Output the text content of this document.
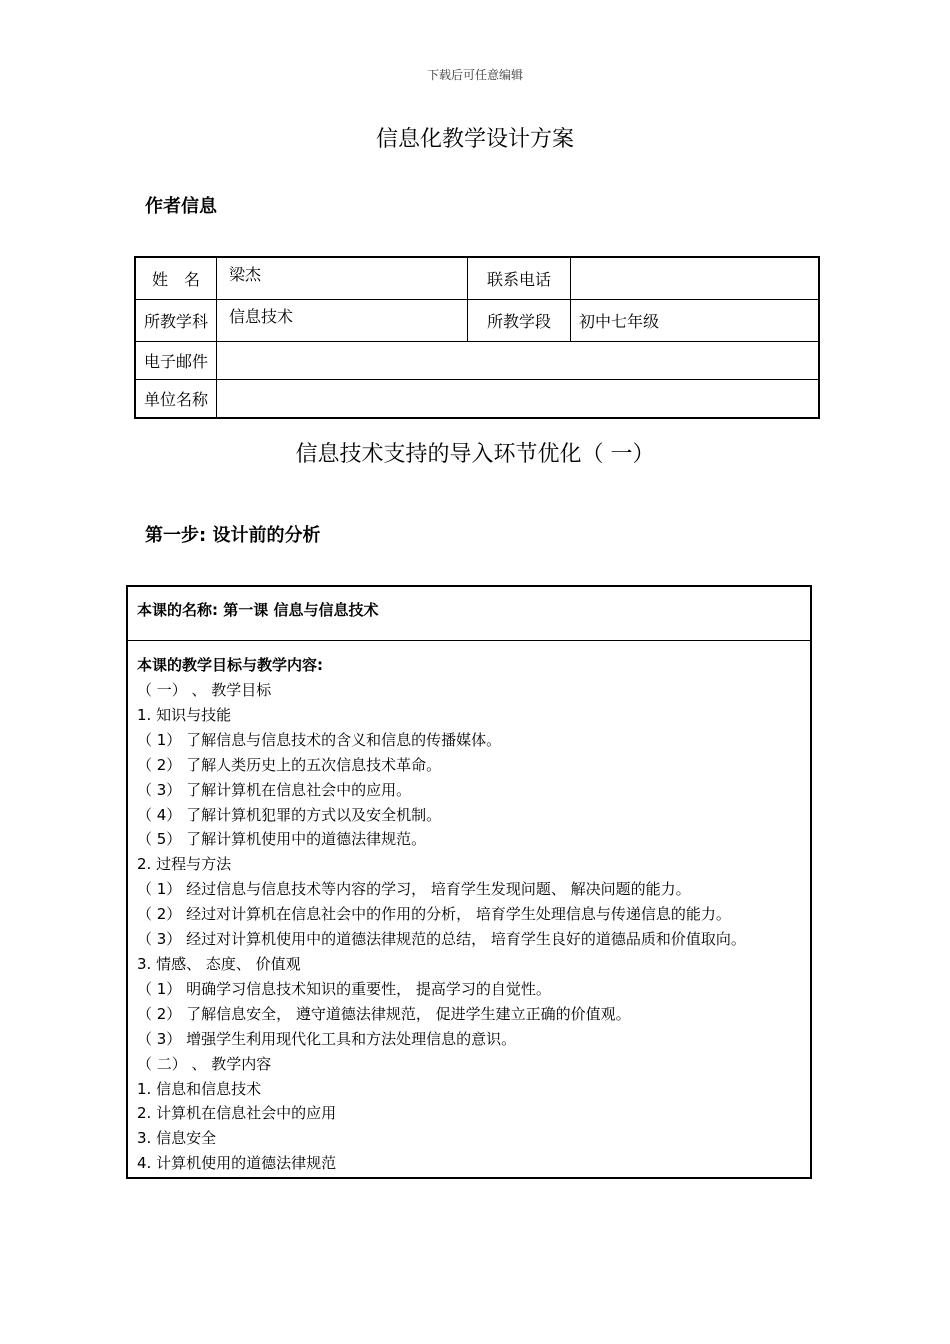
下载后可任意编辑
信息化教学设计方案
作者信息
姓　名	梁杰	联系电话	
所教学科	信息技术	所教学段	初中七年级
电子邮件			
单位名称			
信息技术支持的导入环节优化（ 一）
第一步: 设计前的分析
本课的名称: 第一课 信息与信息技术
本课的教学目标与教学内容:
（ 一） 、 教学目标
1. 知识与技能
（ 1） 了解信息与信息技术的含义和信息的传播媒体。
（ 2） 了解人类历史上的五次信息技术革命。
（ 3） 了解计算机在信息社会中的应用。
（ 4） 了解计算机犯罪的方式以及安全机制。
（ 5） 了解计算机使用中的道德法律规范。
2. 过程与方法
（ 1） 经过信息与信息技术等内容的学习， 培育学生发现问题、 解决问题的能力。
（ 2） 经过对计算机在信息社会中的作用的分析， 培育学生处理信息与传递信息的能力。
（ 3） 经过对计算机使用中的道德法律规范的总结， 培育学生良好的道德品质和价值取向。
3. 情感、 态度、 价值观
（ 1） 明确学习信息技术知识的重要性， 提高学习的自觉性。
（ 2） 了解信息安全， 遵守道德法律规范， 促进学生建立正确的价值观。
（ 3） 增强学生利用现代化工具和方法处理信息的意识。
（ 二） 、 教学内容
1. 信息和信息技术
2. 计算机在信息社会中的应用
3. 信息安全
4. 计算机使用的道德法律规范
